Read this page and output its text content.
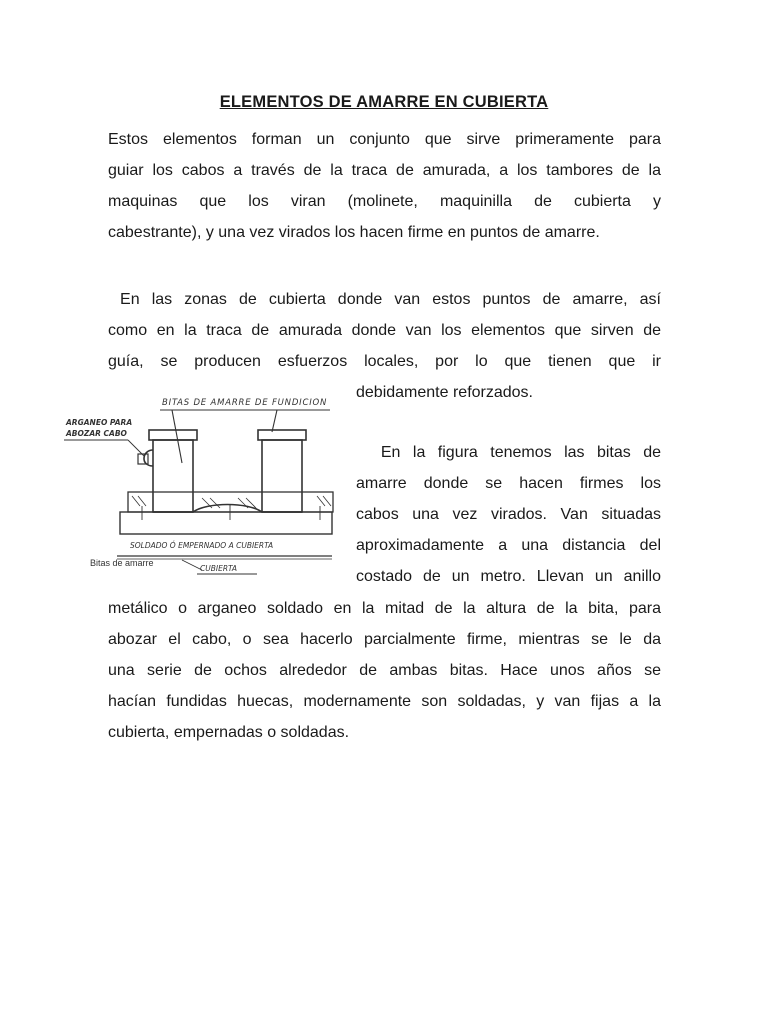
ELEMENTOS DE AMARRE EN CUBIERTA
Estos elementos forman un conjunto que sirve primeramente para
guiar los cabos a través de la traca de amurada, a los tambores de la
maquinas que los viran (molinete, maquinilla de cubierta y
cabestrante), y una vez virados los hacen firme en puntos de amarre.
En las zonas de cubierta donde van estos puntos de amarre, así
como en la traca de amurada donde van los elementos que sirven de
guía, se producen esfuerzos locales, por lo que tienen que ir
debidamente reforzados.
BITAS DE AMARRE DE FUNDICION
ARGANEO PARA
ABOZAR CABO
SOLDADO Ó EMPERNADO A CUBIERTA
CUBIERTA
Bitas de amarre
En la figura tenemos las bitas de
amarre donde se hacen firmes los
cabos una vez virados. Van situadas
aproximadamente a una distancia del
costado de un metro. Llevan un anillo
metálico o arganeo soldado en la mitad de la altura de la bita, para
abozar el cabo, o sea hacerlo parcialmente firme, mientras se le da
una serie de ochos alrededor de ambas bitas. Hace unos años se
hacían fundidas huecas, modernamente son soldadas, y van fijas a la
cubierta, empernadas o soldadas.
